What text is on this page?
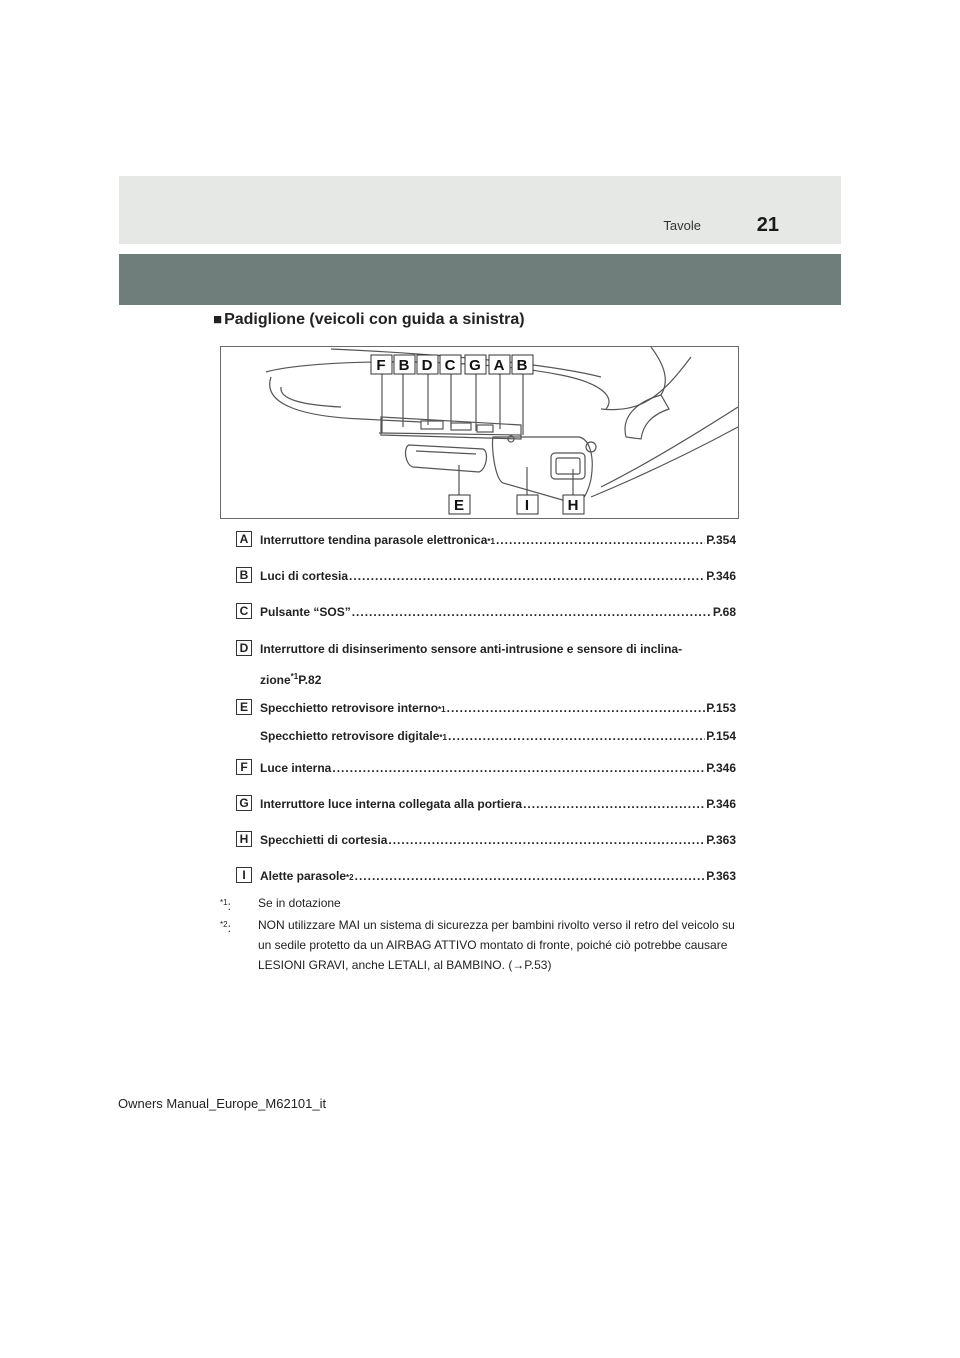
Tavole	21
■ Padiglione (veicoli con guida a sinistra)
F B D C G A B
E	I	H
A Interruttore tendina parasole elettronica *1 .....	P.354
B Luci di cortesia .....	P.346
C Pulsante “SOS” .....	P.68
D Interruttore di disinserimento sensore anti-intrusione e sensore di inclina-zione$^{*1}$P.82
E	Specchietto retrovisore interno *1 .....	P.153
Specchietto retrovisore digitale *1 .....	P.154
F	Luce interna .....	P.346
G Interruttore luce interna collegata alla portiera .....	P.346
H Specchietti di cortesia .....	P.363
I	Alette parasole *2 .....	P.363
$^{*1}$: Se in dotazione
$^{*2}$: NON utilizzare MAI un sistema di sicurezza per bambini rivolto verso il retro del veicolo su un sedile protetto da un AIRBAG ATTIVO montato di fronte, poiché ciò potrebbe causare LESIONI GRAVI, anche LETALI, al BAMBINO. (→P.53)
Owners Manual_Europe_M62101_it
